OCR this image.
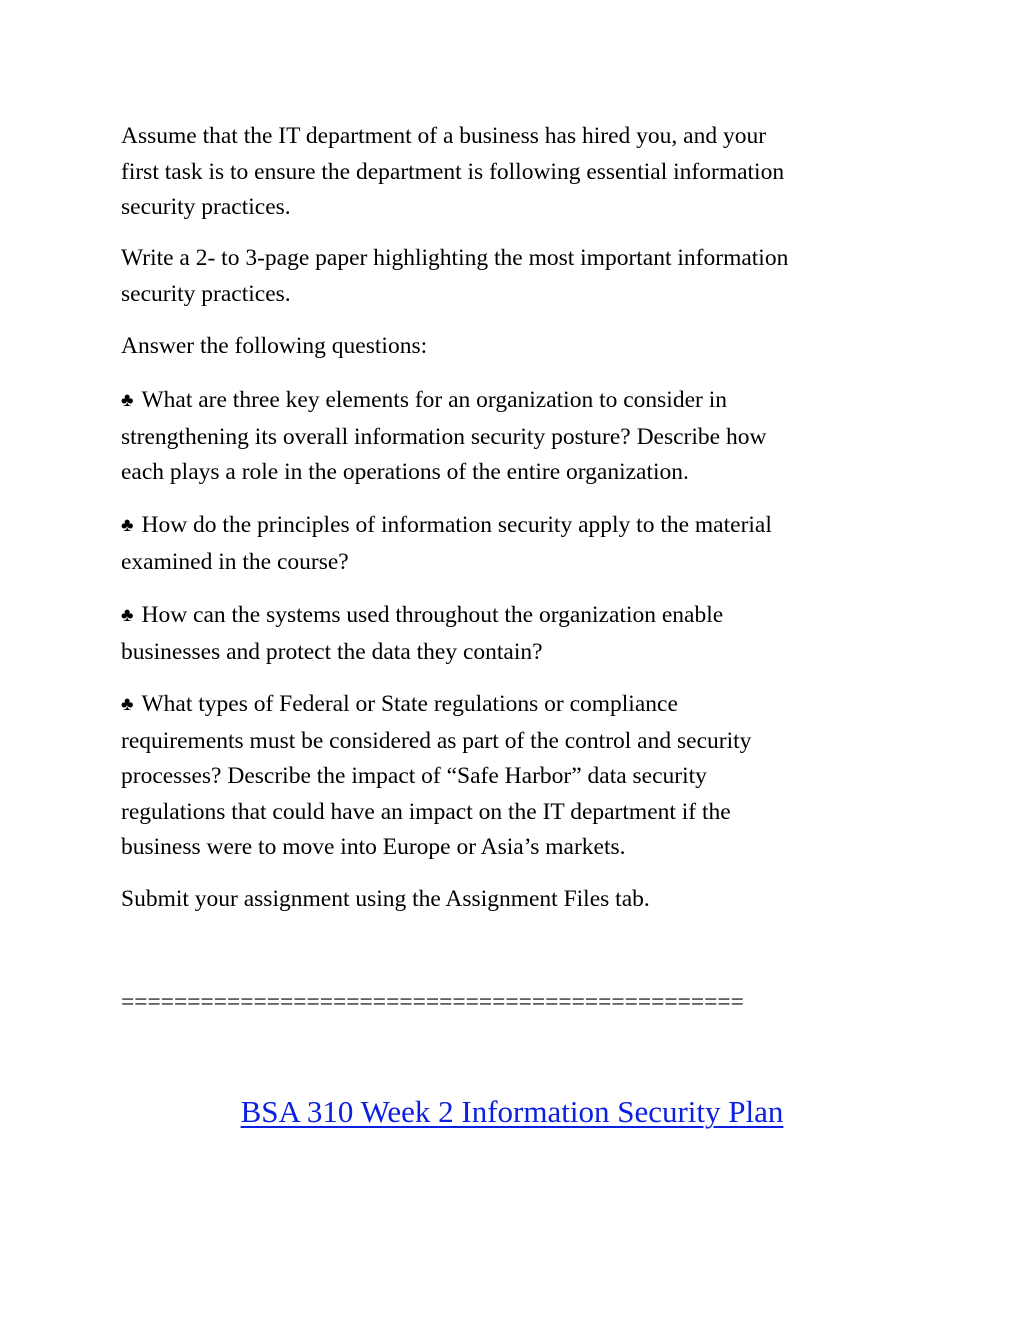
Assume that the IT department of a business has hired you, and your
first task is to ensure the department is following essential information
security practices.

Write a 2- to 3-page paper highlighting the most important information
security practices.

Answer the following questions:

♣ What are three key elements for an organization to consider in
strengthening its overall information security posture? Describe how
each plays a role in the operations of the entire organization.

♣ How do the principles of information security apply to the material
examined in the course?

♣ How can the systems used throughout the organization enable
businesses and protect the data they contain?

♣ What types of Federal or State regulations or compliance
requirements must be considered as part of the control and security
processes? Describe the impact of “Safe Harbor” data security
regulations that could have an impact on the IT department if the
business were to move into Europe or Asia’s markets.

Submit your assignment using the Assignment Files tab.

===============================================

BSA 310 Week 2 Information Security Plan
